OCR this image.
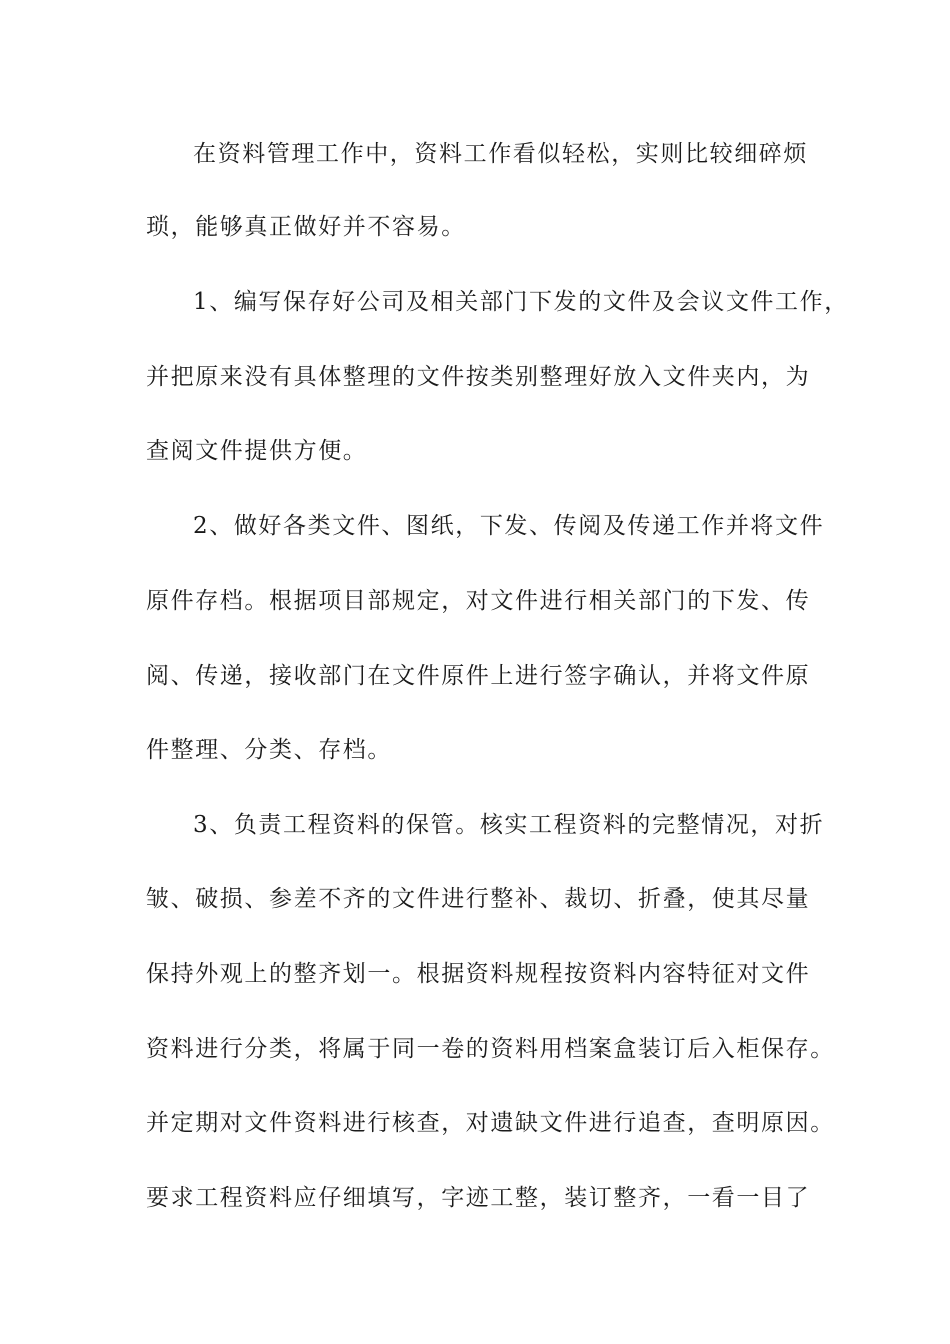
在资料管理工作中，资料工作看似轻松，实则比较细碎烦
琐，能够真正做好并不容易。
1、编写保存好公司及相关部门下发的文件及会议文件工作，
并把原来没有具体整理的文件按类别整理好放入文件夹内，为
查阅文件提供方便。
2、做好各类文件、图纸，下发、传阅及传递工作并将文件
原件存档。根据项目部规定，对文件进行相关部门的下发、传
阅、传递，接收部门在文件原件上进行签字确认，并将文件原
件整理、分类、存档。
3、负责工程资料的保管。核实工程资料的完整情况，对折
皱、破损、参差不齐的文件进行整补、裁切、折叠，使其尽量
保持外观上的整齐划一。根据资料规程按资料内容特征对文件
资料进行分类，将属于同一卷的资料用档案盒装订后入柜保存。
并定期对文件资料进行核查，对遗缺文件进行追查，查明原因。
要求工程资料应仔细填写，字迹工整，装订整齐，一看一目了
